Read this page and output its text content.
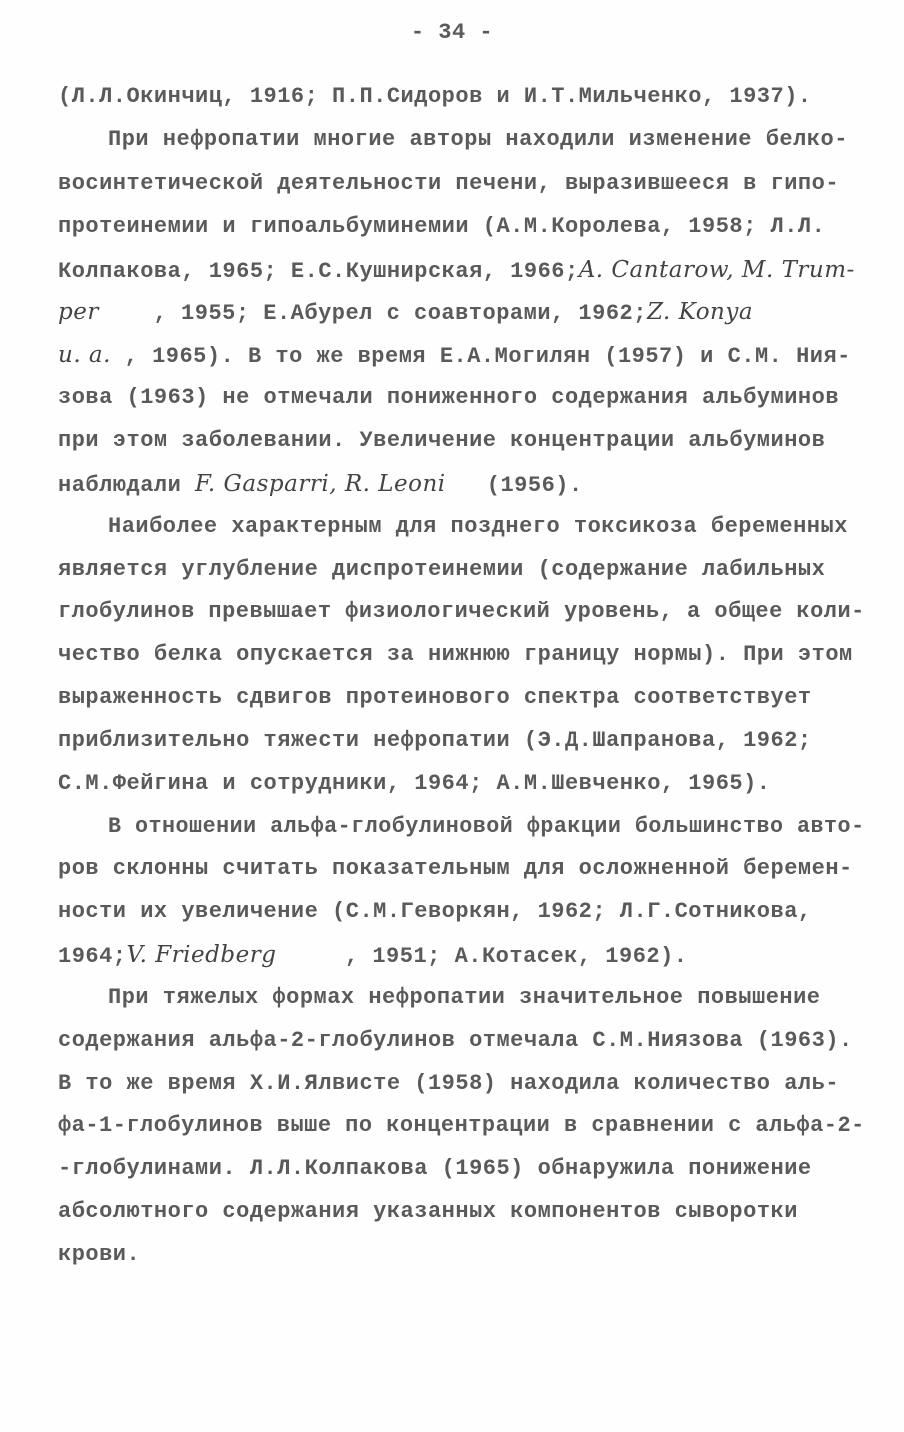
- 34 -
(Л.Л.Окинчиц, 1916; П.П.Сидоров и И.Т.Мильченко, 1937).
При нефропатии многие авторы находили изменение белко-
восинтетической деятельности печени, выразившееся в гипо-
протеинемии и гипоальбуминемии (А.М.Королева, 1958; Л.Л.
Колпакова, 1965; Е.С.Кушнирская, 1966;A. Cantarow, M. Trum-
per    , 1955; Е.Абурел с соавторами, 1962;Z. Konya
u. a. , 1965). В то же время Е.А.Могилян (1957) и С.М. Ния-
зова (1963) не отмечали пониженного содержания альбуминов
при этом заболевании. Увеличение концентрации альбуминов
наблюдали F. Gasparri, R. Leoni   (1956).
Наиболее характерным для позднего токсикоза беременных
является углубление диспротеинемии (содержание лабильных
глобулинов превышает физиологический уровень, а общее коли-
чество белка опускается за нижнюю границу нормы). При этом
выраженность сдвигов протеинового спектра соответствует
приблизительно тяжести нефропатии (Э.Д.Шапранова, 1962;
С.М.Фейгина и сотрудники, 1964; А.М.Шевченко, 1965).
В отношении альфа-глобулиновой фракции большинство авто-
ров склонны считать показательным для осложненной беремен-
ности их увеличение (С.М.Геворкян, 1962; Л.Г.Сотникова,
1964;V. Friedberg     , 1951; А.Котасек, 1962).
При тяжелых формах нефропатии значительное повышение
содержания альфа-2-глобулинов отмечала С.М.Ниязова (1963).
В то же время Х.И.Ялвисте (1958) находила количество аль-
фа-1-глобулинов выше по концентрации в сравнении с альфа-2-
-глобулинами. Л.Л.Колпакова (1965) обнаружила понижение
абсолютного содержания указанных компонентов сыворотки
крови.
